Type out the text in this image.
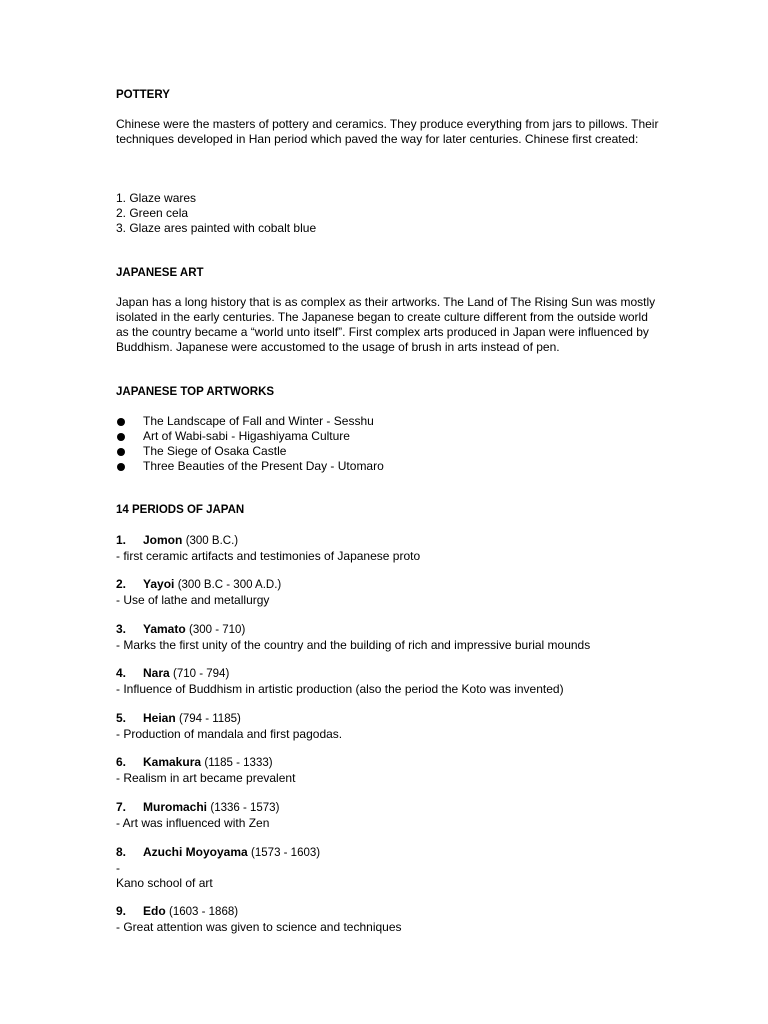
POTTERY
Chinese were the masters of pottery and ceramics. They produce everything from jars to pillows. Their techniques developed in Han period which paved the way for later centuries. Chinese first created:
1. Glaze wares
2. Green cela
3. Glaze ares painted with cobalt blue
JAPANESE ART
Japan has a long history that is as complex as their artworks. The Land of The Rising Sun was mostly
isolated in the early centuries. The Japanese began to create culture different from the outside world
as the country became a “world unto itself”. First complex arts produced in Japan were influenced by
Buddhism. Japanese were accustomed to the usage of brush in arts instead of pen.
JAPANESE TOP ARTWORKS
The Landscape of Fall and Winter - Sesshu
Art of Wabi-sabi - Higashiyama Culture
The Siege of Osaka Castle
Three Beauties of the Present Day - Utomaro
14 PERIODS OF JAPAN
1. Jomon (300 B.C.)
- first ceramic artifacts and testimonies of Japanese proto
2. Yayoi (300 B.C - 300 A.D.)
- Use of lathe and metallurgy
3. Yamato (300 - 710)
- Marks the first unity of the country and the building of rich and impressive burial mounds
4. Nara (710 - 794)
- Influence of Buddhism in artistic production (also the period the Koto was invented)
5. Heian (794 - 1185)
- Production of mandala and first pagodas.
6. Kamakura (1185 - 1333)
- Realism in art became prevalent
7. Muromachi (1336 - 1573)
- Art was influenced with Zen
8. Azuchi Moyoyama (1573 - 1603)
-
Kano school of art
9. Edo (1603 - 1868)
- Great attention was given to science and techniques
